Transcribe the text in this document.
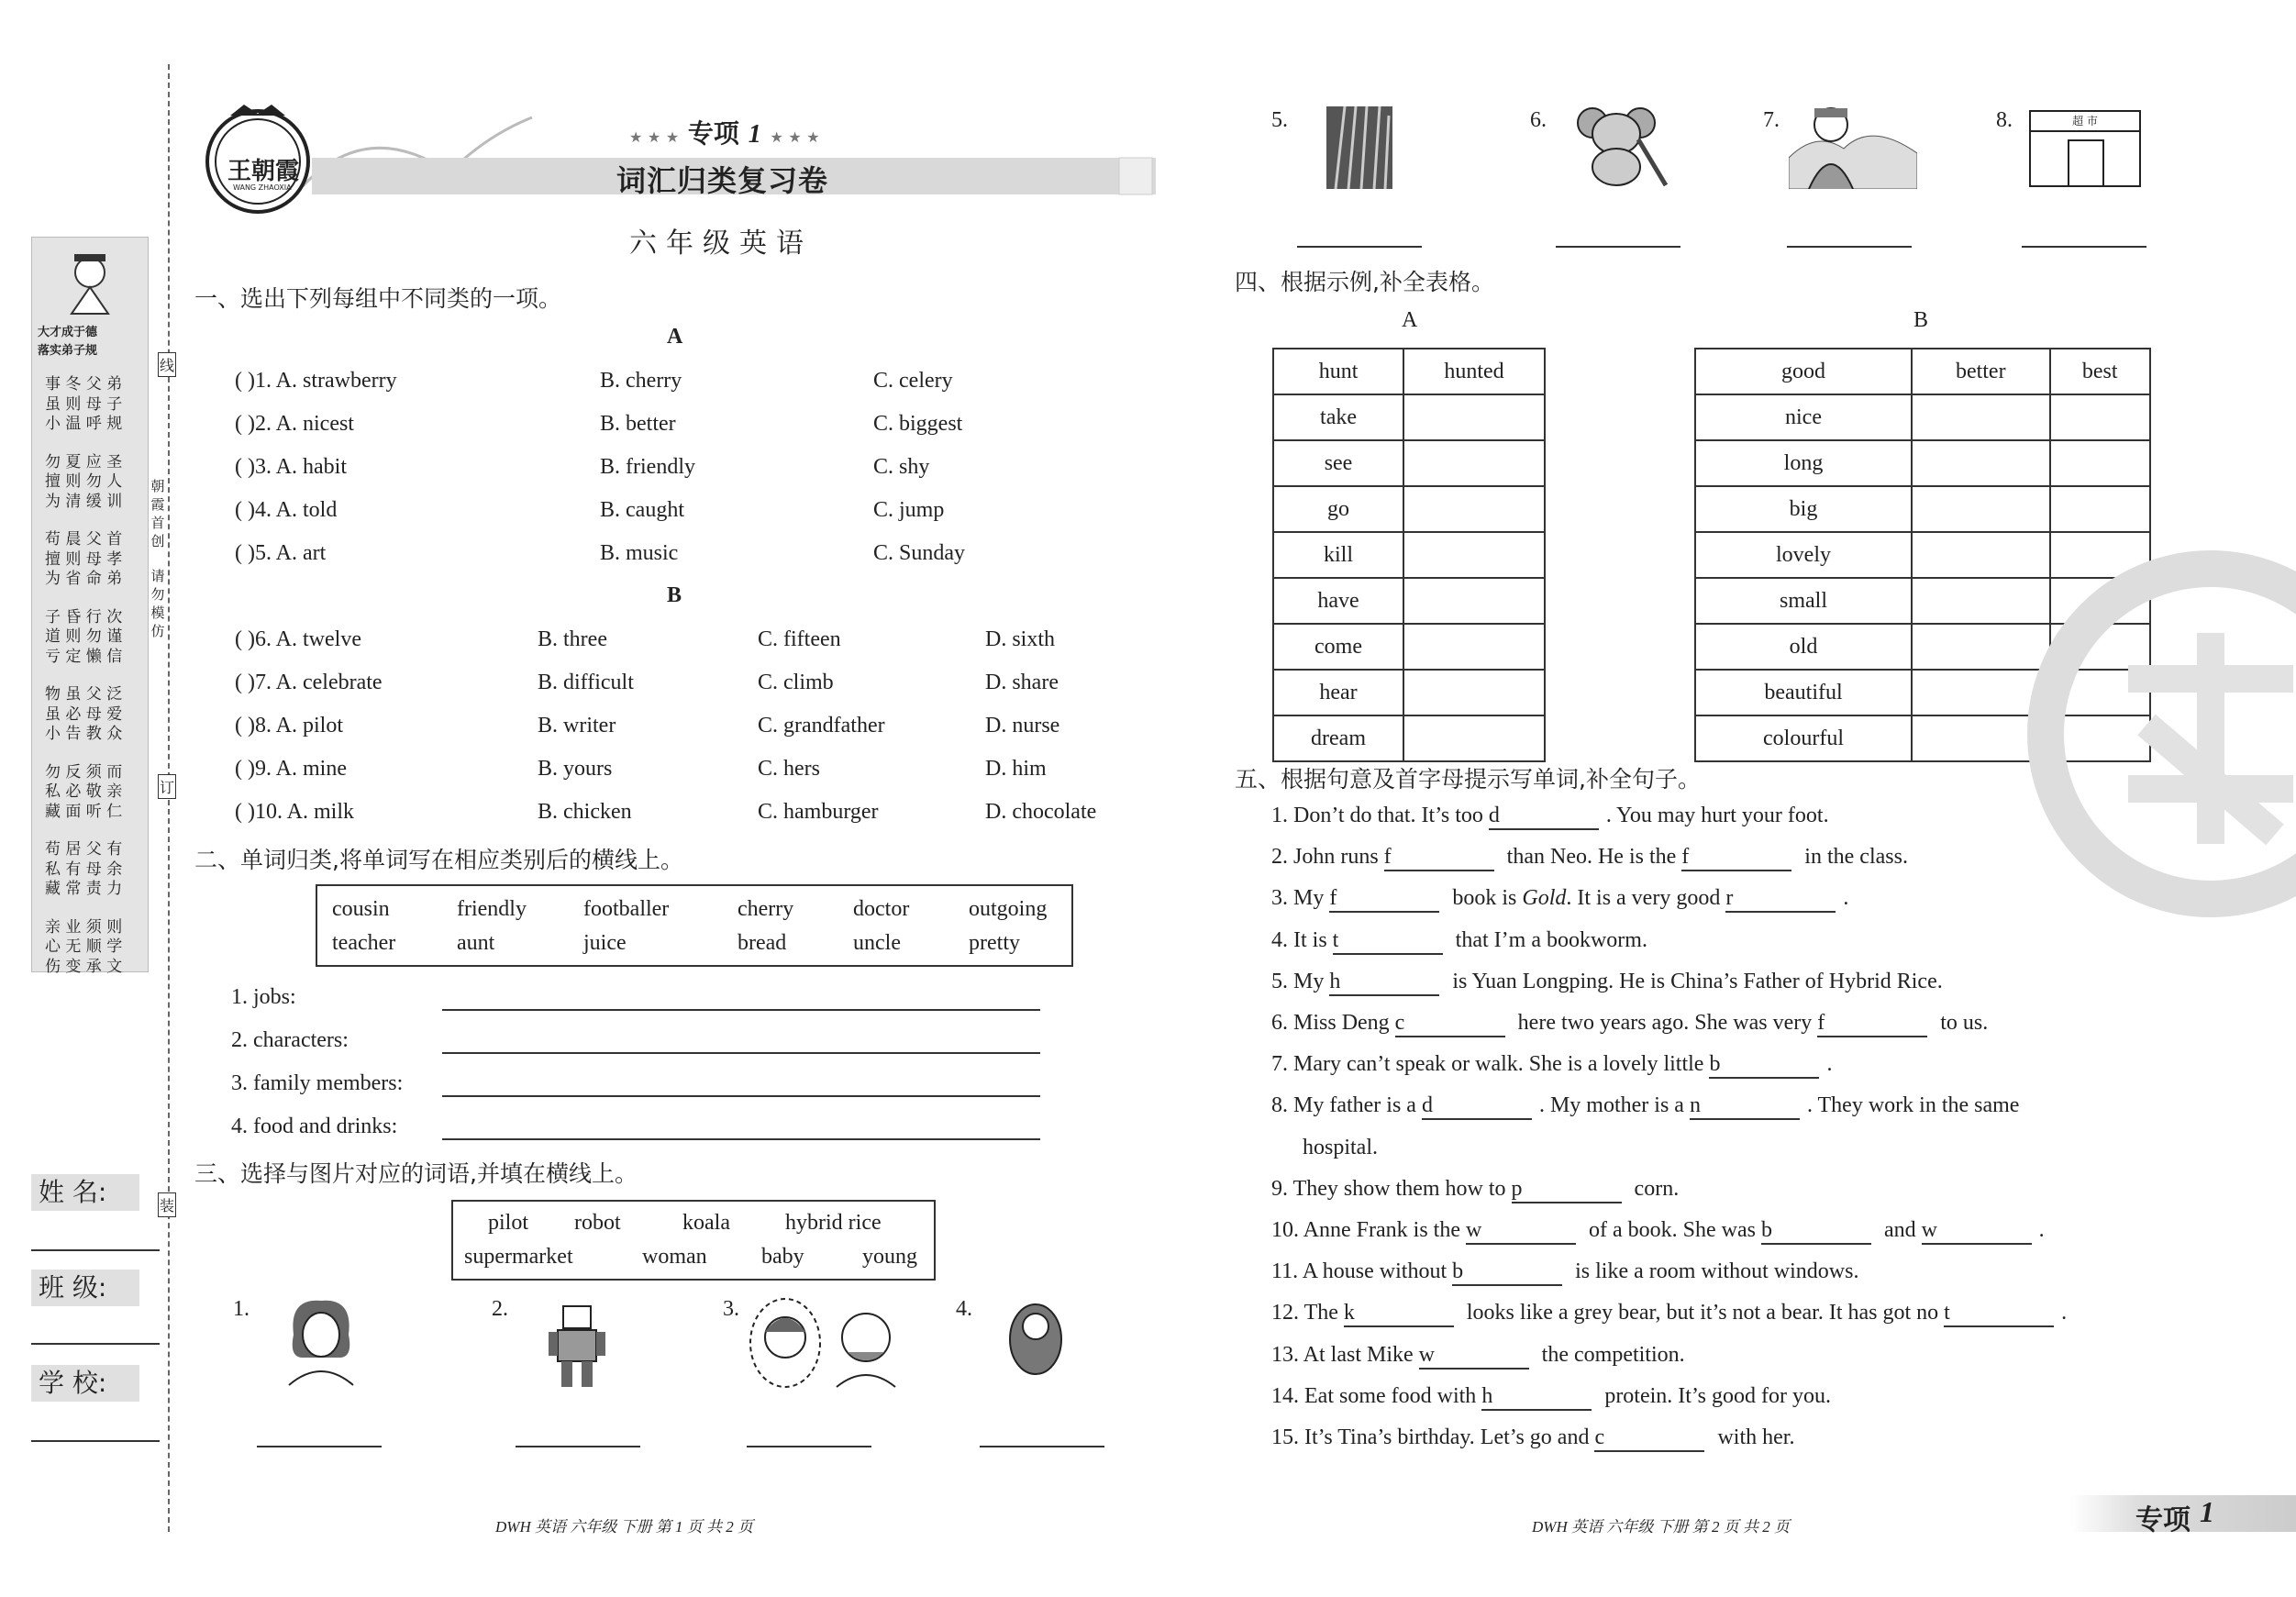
大才成于德
落实弟子规
事 冬 父 弟
虽 则 母 子
小 温 呼 规
勿 夏 应 圣
擅 则 勿 人
为 清 缓 训
苟 晨 父 首
擅 则 母 孝
为 省 命 弟
子 昏 行 次
道 则 勿 谨
亏 定 懒 信
物 虽 父 泛
虽 必 母 爱
小 告 教 众
勿 反 须 而
私 必 敬 亲
藏 面 听 仁
苟 居 父 有
私 有 母 余
藏 常 责 力
亲 业 须 则
心 无 顺 学
伤 变 承 文
朝
霞
首
创
请
勿
模
仿
线
订
装
姓 名:
班 级:
学 校:
王朝霞
WANG ZHAOXIA
★ ★ ★ 专项 1 ★ ★ ★
词汇归类复习卷
六年级英语
一、选出下列每组中不同类的一项。
A
B
二、单词归类,将单词写在相应类别后的横线上。
三、选择与图片对应的词语,并填在横线上。
1.	2.	3.	4.
5.	6.	7.	8.	超 市
四、根据示例,补全表格。
A	B
hunt	hunted
take	
see	
go	
kill	
have	
come	
hear	
dream	
good	better	best
nice		
long		
big		
lovely		
small		
old		
beautiful		
colourful		
五、根据句意及首字母提示写单词,补全句子。
1. Don’t do that. It’s too d	. You may hurt your foot.
2. John runs f	than Neo. He is the f	in the class.
3. My f	book is Gold. It is a very good r	.
4. It is t	that I’m a bookworm.
5. My h	is Yuan Longping. He is China’s Father of Hybrid Rice.
6. Miss Deng c	here two years ago. She was very f	to us.
7. Mary can’t speak or walk. She is a lovely little b	.
8. My father is a d	. My mother is a n	. They work in the same
hospital.
9. They show them how to p	corn.
10. Anne Frank is the w	of a book. She was b	and w	.
11. A house without b	is like a room without windows.
12. The k	looks like a grey bear, but it’s not a bear. It has got no t	.
13. At last Mike w	the competition.
14. Eat some food with h	protein. It’s good for you.
15. It’s Tina’s birthday. Let’s go and c	with her.
DWH 英语 六年级 下册 第 1 页 共 2 页	DWH 英语 六年级 下册 第 2 页 共 2 页	专项 1
( )1. A. strawberry	B. cherry	C. celery
( )2. A. nicest	B. better	C. biggest
( )3. A. habit	B. friendly	C. shy
( )4. A. told	B. caught	C. jump
( )5. A. art	B. music	C. Sunday
( )6. A. twelve	B. three	C. fifteen	D. sixth
( )7. A. celebrate	B. difficult	C. climb	D. share
( )8. A. pilot	B. writer	C. grandfather	D. nurse
( )9. A. mine	B. yours	C. hers	D. him
( )10. A. milk	B. chicken	C. hamburger	D. chocolate
cousin	friendly	footballer	cherry	doctor	outgoing
teacher	aunt	juice	bread	uncle	pretty
1. jobs:
2. characters:
3. family members:
4. food and drinks:
pilot robot	koala	hybrid rice
supermarket	woman baby	young
